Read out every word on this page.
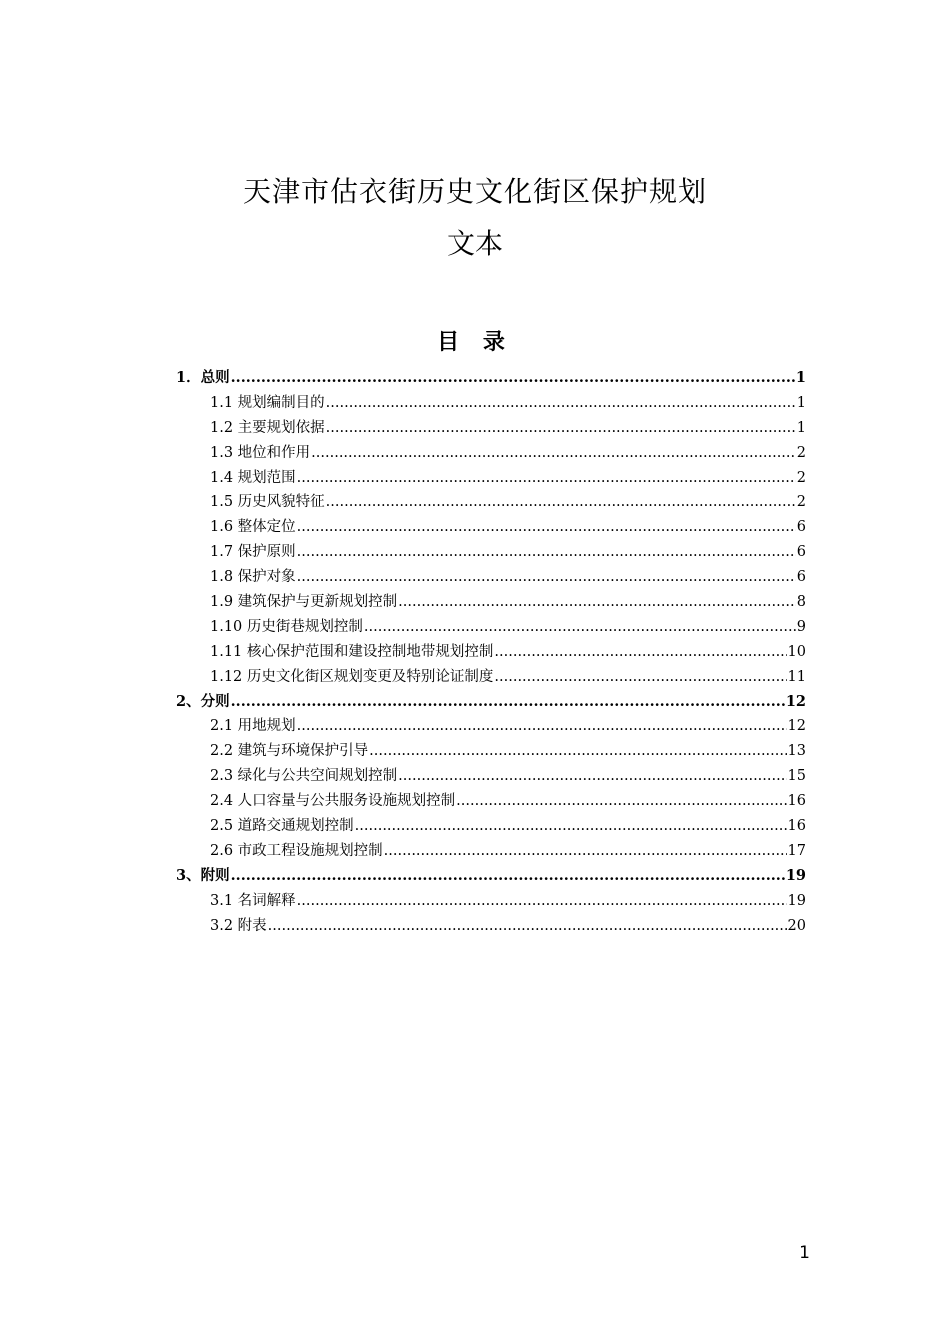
天津市估衣街历史文化街区保护规划
文本
目 录
1．总则 .....	1
1.1 规划编制目的 .....	1
1.2 主要规划依据 .....	1
1.3 地位和作用 .....	2
1.4 规划范围 .....	2
1.5 历史风貌特征 .....	2
1.6 整体定位 .....	6
1.7 保护原则 .....	6
1.8 保护对象 .....	6
1.9 建筑保护与更新规划控制 .....	8
1.10 历史街巷规划控制 .....	9
1.11 核心保护范围和建设控制地带规划控制 .....	10
1.12 历史文化街区规划变更及特别论证制度 .....	11
2、分则 .....	12
2.1 用地规划 .....	12
2.2 建筑与环境保护引导 .....	13
2.3 绿化与公共空间规划控制 .....	15
2.4 人口容量与公共服务设施规划控制 .....	16
2.5 道路交通规划控制 .....	16
2.6 市政工程设施规划控制 .....	17
3、附则 .....	19
3.1 名词解释 .....	19
3.2 附表 .....	20
1
